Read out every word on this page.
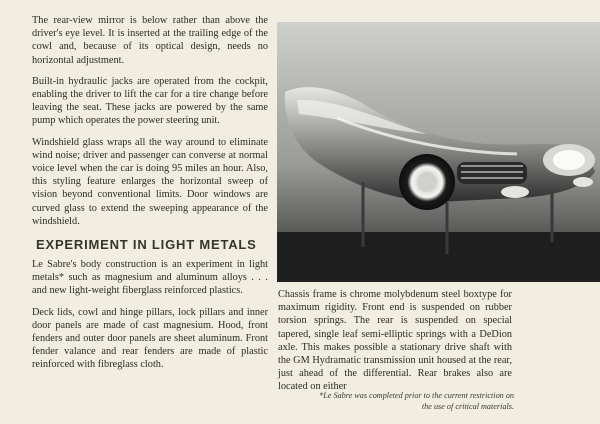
The rear-view mirror is below rather than above the driver's eye level. It is inserted at the trailing edge of the cowl and, because of its optical design, needs no horizontal adjustment.

Built-in hydraulic jacks are operated from the cockpit, enabling the driver to lift the car for a tire change before leaving the seat. These jacks are powered by the same pump which operates the power steering unit.

Windshield glass wraps all the way around to eliminate wind noise; driver and passenger can converse at normal voice level when the car is doing 95 miles an hour. Also, this styling feature enlarges the horizontal sweep of vision beyond conventional limits. Door windows are curved glass to extend the sweeping appearance of the windshield.

EXPERIMENT IN LIGHT METALS

Le Sabre's body construction is an experiment in light metals* such as magnesium and aluminum alloys . . . and new light-weight fiberglass reinforced plastics.

Deck lids, cowl and hinge pillars, lock pillars and inner door panels are made of cast magnesium. Hood, front fenders and outer door panels are sheet aluminum. Front fender valance and rear fenders are made of plastic reinforced with fibreglass cloth.

Chassis frame is chrome molybdenum steel boxtype for maximum rigidity. Front end is suspended on rubber torsion springs. The rear is suspended on special tapered, single leaf semi-elliptic springs with a DeDion axle. This makes possible a stationary drive shaft with the GM Hydramatic transmission unit housed at the rear, just ahead of the differential. Rear brakes also are located on either

*Le Sabre was completed prior to the current restriction on the use of critical materials.
